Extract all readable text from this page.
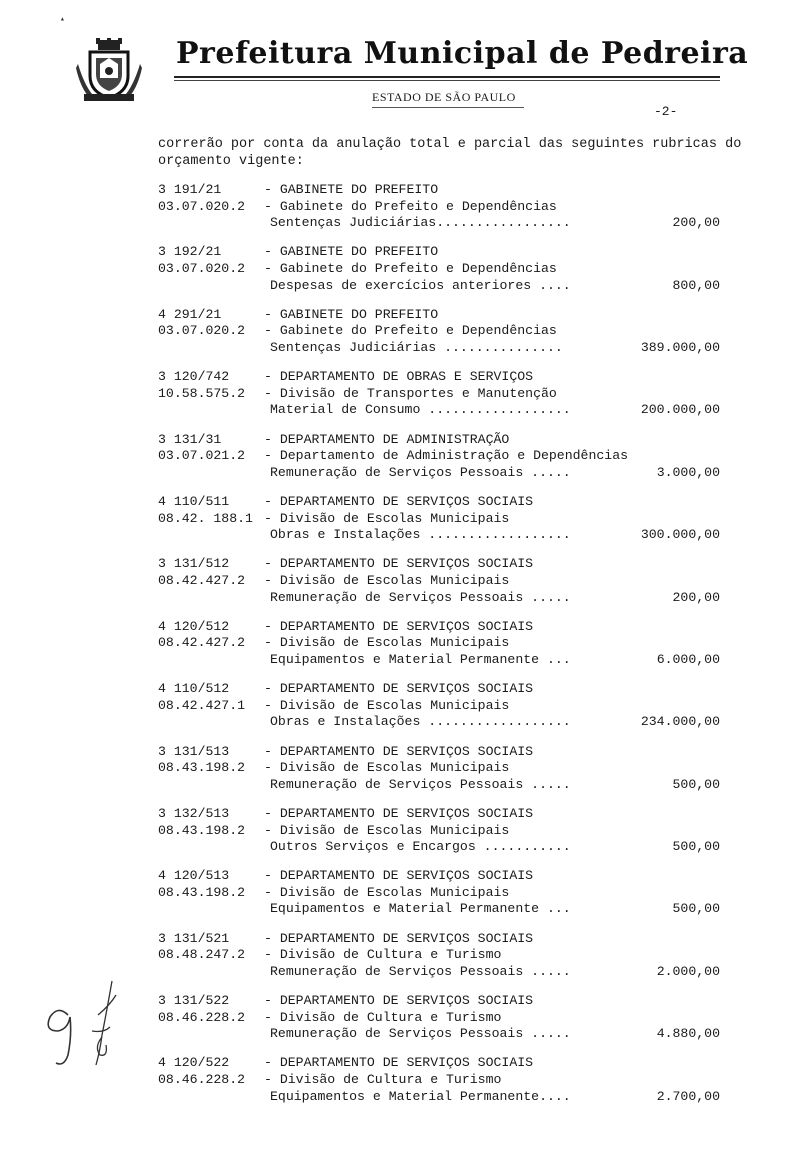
▴
Prefeitura Municipal de Pedreira
ESTADO DE SÃO PAULO
-2-
correrão por conta da anulação total e parcial das seguintes rubricas do
orçamento vigente:
3 191/21	- GABINETE DO PREFEITO
03.07.020.2 - Gabinete do Prefeito e Dependências
Sentenças Judiciárias.................	200,00
3 192/21	- GABINETE DO PREFEITO
03.07.020.2 - Gabinete do Prefeito e Dependências
Despesas de exercícios anteriores ....	800,00
4 291/21	- GABINETE DO PREFEITO
03.07.020.2 - Gabinete do Prefeito e Dependências
Sentenças Judiciárias ...............	389.000,00
3 120/742	- DEPARTAMENTO DE OBRAS E SERVIÇOS
10.58.575.2 - Divisão de Transportes e Manutenção
Material de Consumo ..................	200.000,00
3 131/31	- DEPARTAMENTO DE ADMINISTRAÇÃO
03.07.021.2 - Departamento de Administração e Dependências
Remuneração de Serviços Pessoais .....	3.000,00
4 110/511	- DEPARTAMENTO DE SERVIÇOS SOCIAIS
08.42. 188.1 - Divisão de Escolas Municipais
Obras e Instalações ..................	300.000,00
3 131/512	- DEPARTAMENTO DE SERVIÇOS SOCIAIS
08.42.427.2 - Divisão de Escolas Municipais
Remuneração de Serviços Pessoais .....	200,00
4 120/512	- DEPARTAMENTO DE SERVIÇOS SOCIAIS
08.42.427.2 - Divisão de Escolas Municipais
Equipamentos e Material Permanente ...	6.000,00
4 110/512	- DEPARTAMENTO DE SERVIÇOS SOCIAIS
08.42.427.1 - Divisão de Escolas Municipais
Obras e Instalações ..................	234.000,00
3 131/513	- DEPARTAMENTO DE SERVIÇOS SOCIAIS
08.43.198.2 - Divisão de Escolas Municipais
Remuneração de Serviços Pessoais .....	500,00
3 132/513	- DEPARTAMENTO DE SERVIÇOS SOCIAIS
08.43.198.2 - Divisão de Escolas Municipais
Outros Serviços e Encargos ...........	500,00
4 120/513	- DEPARTAMENTO DE SERVIÇOS SOCIAIS
08.43.198.2 - Divisão de Escolas Municipais
Equipamentos e Material Permanente ...	500,00
3 131/521	- DEPARTAMENTO DE SERVIÇOS SOCIAIS
08.48.247.2 - Divisão de Cultura e Turismo
Remuneração de Serviços Pessoais .....	2.000,00
3 131/522	- DEPARTAMENTO DE SERVIÇOS SOCIAIS
08.46.228.2 - Divisão de Cultura e Turismo
Remuneração de Serviços Pessoais .....	4.880,00
4 120/522	- DEPARTAMENTO DE SERVIÇOS SOCIAIS
08.46.228.2 - Divisão de Cultura e Turismo
Equipamentos e Material Permanente....	2.700,00
